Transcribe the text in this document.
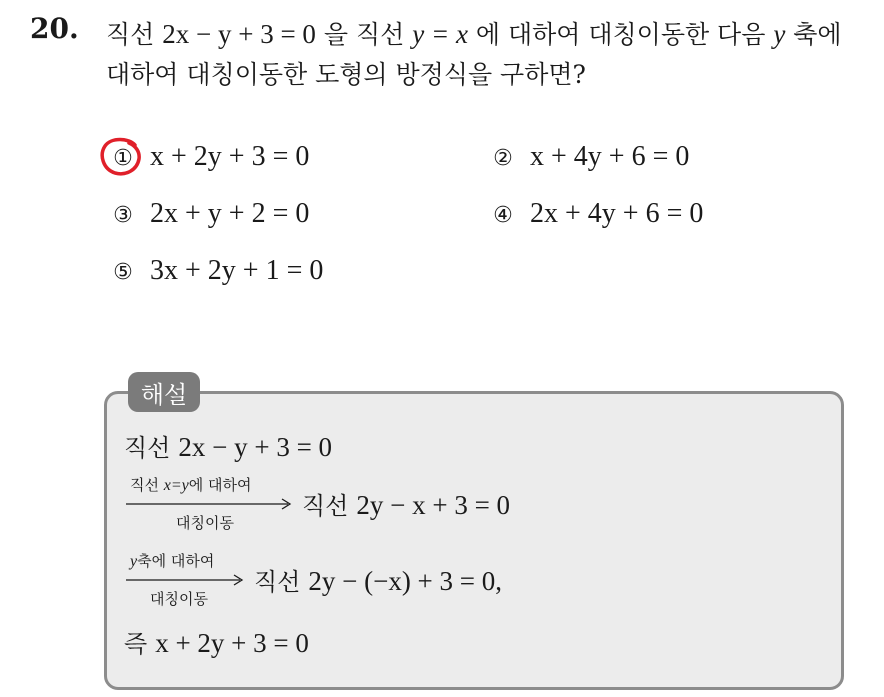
20. 직선 2x − y + 3 = 0 을 직선 y = x 에 대하여 대칭이동한 다음 y 축에
대하여 대칭이동한 도형의 방정식을 구하면?
① x + 2y + 3 = 0	② x + 4y + 6 = 0
③ 2x + y + 2 = 0	④ 2x + 4y + 6 = 0
⑤ 3x + 2y + 1 = 0
해설
직선 2x − y + 3 = 0
직선 x=y에 대하여
대칭이동
직선 2y − x + 3 = 0
y축에 대하여
대칭이동
직선 2y − (−x) + 3 = 0,
즉 x + 2y + 3 = 0
